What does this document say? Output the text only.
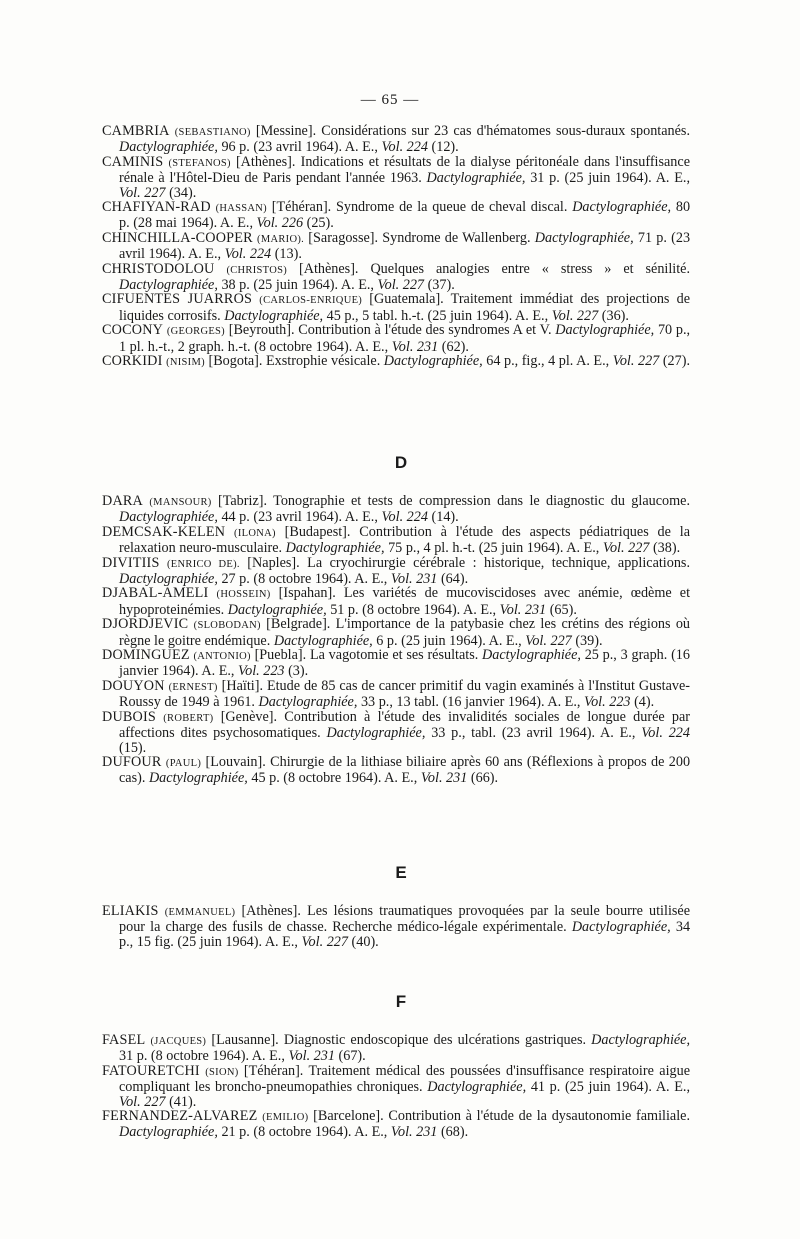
— 65 —

CAMBRIA (SEBASTIANO) [Messine]. Considérations sur 23 cas d'hématomes sous-duraux spontanés. Dactylographiée, 96 p. (23 avril 1964). A. E., Vol. 224 (12).

CAMINIS (STEFANOS) [Athènes]. Indications et résultats de la dialyse péritonéale dans l'insuffisance rénale à l'Hôtel-Dieu de Paris pendant l'année 1963. Dactylographiée, 31 p. (25 juin 1964). A. E., Vol. 227 (34).

CHAFIYAN-RAD (HASSAN) [Téhéran]. Syndrome de la queue de cheval discal. Dactylographiée, 80 p. (28 mai 1964). A. E., Vol. 226 (25).

CHINCHILLA-COOPER (MARIO). [Saragosse]. Syndrome de Wallenberg. Dactylographiée, 71 p. (23 avril 1964). A. E., Vol. 224 (13).

CHRISTODOLOU (CHRISTOS) [Athènes]. Quelques analogies entre « stress » et sénilité. Dactylographiée, 38 p. (25 juin 1964). A. E., Vol. 227 (37).

CIFUENTES JUARROS (CARLOS-ENRIQUE) [Guatemala]. Traitement immédiat des projections de liquides corrosifs. Dactylographiée, 45 p., 5 tabl. h.-t. (25 juin 1964). A. E., Vol. 227 (36).

COCONY (GEORGES) [Beyrouth]. Contribution à l'étude des syndromes A et V. Dactylographiée, 70 p., 1 pl. h.-t., 2 graph. h.-t. (8 octobre 1964). A. E., Vol. 231 (62).

CORKIDI (NISIM) [Bogota]. Exstrophie vésicale. Dactylographiée, 64 p., fig., 4 pl. A. E., Vol. 227 (27).

D

DARA (MANSOUR) [Tabriz]. Tonographie et tests de compression dans le diagnostic du glaucome. Dactylographiée, 44 p. (23 avril 1964). A. E., Vol. 224 (14).

DEMCSAK-KELEN (ILONA) [Budapest]. Contribution à l'étude des aspects pédiatriques de la relaxation neuro-musculaire. Dactylographiée, 75 p., 4 pl. h.-t. (25 juin 1964). A. E., Vol. 227 (38).

DIVITIIS (ENRICO DE). [Naples]. La cryochirurgie cérébrale : historique, technique, applications. Dactylographiée, 27 p. (8 octobre 1964). A. E., Vol. 231 (64).

DJABAL-AMELI (HOSSEIN) [Ispahan]. Les variétés de mucoviscidoses avec anémie, œdème et hypoproteinémies. Dactylographiée, 51 p. (8 octobre 1964). A. E., Vol. 231 (65).

DJORDJEVIC (SLOBODAN) [Belgrade]. L'importance de la patybasie chez les crétins des régions où règne le goitre endémique. Dactylographiée, 6 p. (25 juin 1964). A. E., Vol. 227 (39).

DOMINGUEZ (ANTONIO) [Puebla]. La vagotomie et ses résultats. Dactylographiée, 25 p., 3 graph. (16 janvier 1964). A. E., Vol. 223 (3).

DOUYON (ERNEST) [Haïti]. Etude de 85 cas de cancer primitif du vagin examinés à l'Institut Gustave-Roussy de 1949 à 1961. Dactylographiée, 33 p., 13 tabl. (16 janvier 1964). A. E., Vol. 223 (4).

DUBOIS (ROBERT) [Genève]. Contribution à l'étude des invalidités sociales de longue durée par affections dites psychosomatiques. Dactylographiée, 33 p., tabl. (23 avril 1964). A. E., Vol. 224 (15).

DUFOUR (PAUL) [Louvain]. Chirurgie de la lithiase biliaire après 60 ans (Réflexions à propos de 200 cas). Dactylographiée, 45 p. (8 octobre 1964). A. E., Vol. 231 (66).

E

ELIAKIS (EMMANUEL) [Athènes]. Les lésions traumatiques provoquées par la seule bourre utilisée pour la charge des fusils de chasse. Recherche médico-légale expérimentale. Dactylographiée, 34 p., 15 fig. (25 juin 1964). A. E., Vol. 227 (40).

F

FASEL (JACQUES) [Lausanne]. Diagnostic endoscopique des ulcérations gastriques. Dactylographiée, 31 p. (8 octobre 1964). A. E., Vol. 231 (67).

FATOURETCHI (SION) [Téhéran]. Traitement médical des poussées d'insuffisance respiratoire aigue compliquant les broncho-pneumopathies chroniques. Dactylographiée, 41 p. (25 juin 1964). A. E., Vol. 227 (41).

FERNANDEZ-ALVAREZ (EMILIO) [Barcelone]. Contribution à l'étude de la dysautonomie familiale. Dactylographiée, 21 p. (8 octobre 1964). A. E., Vol. 231 (68).
